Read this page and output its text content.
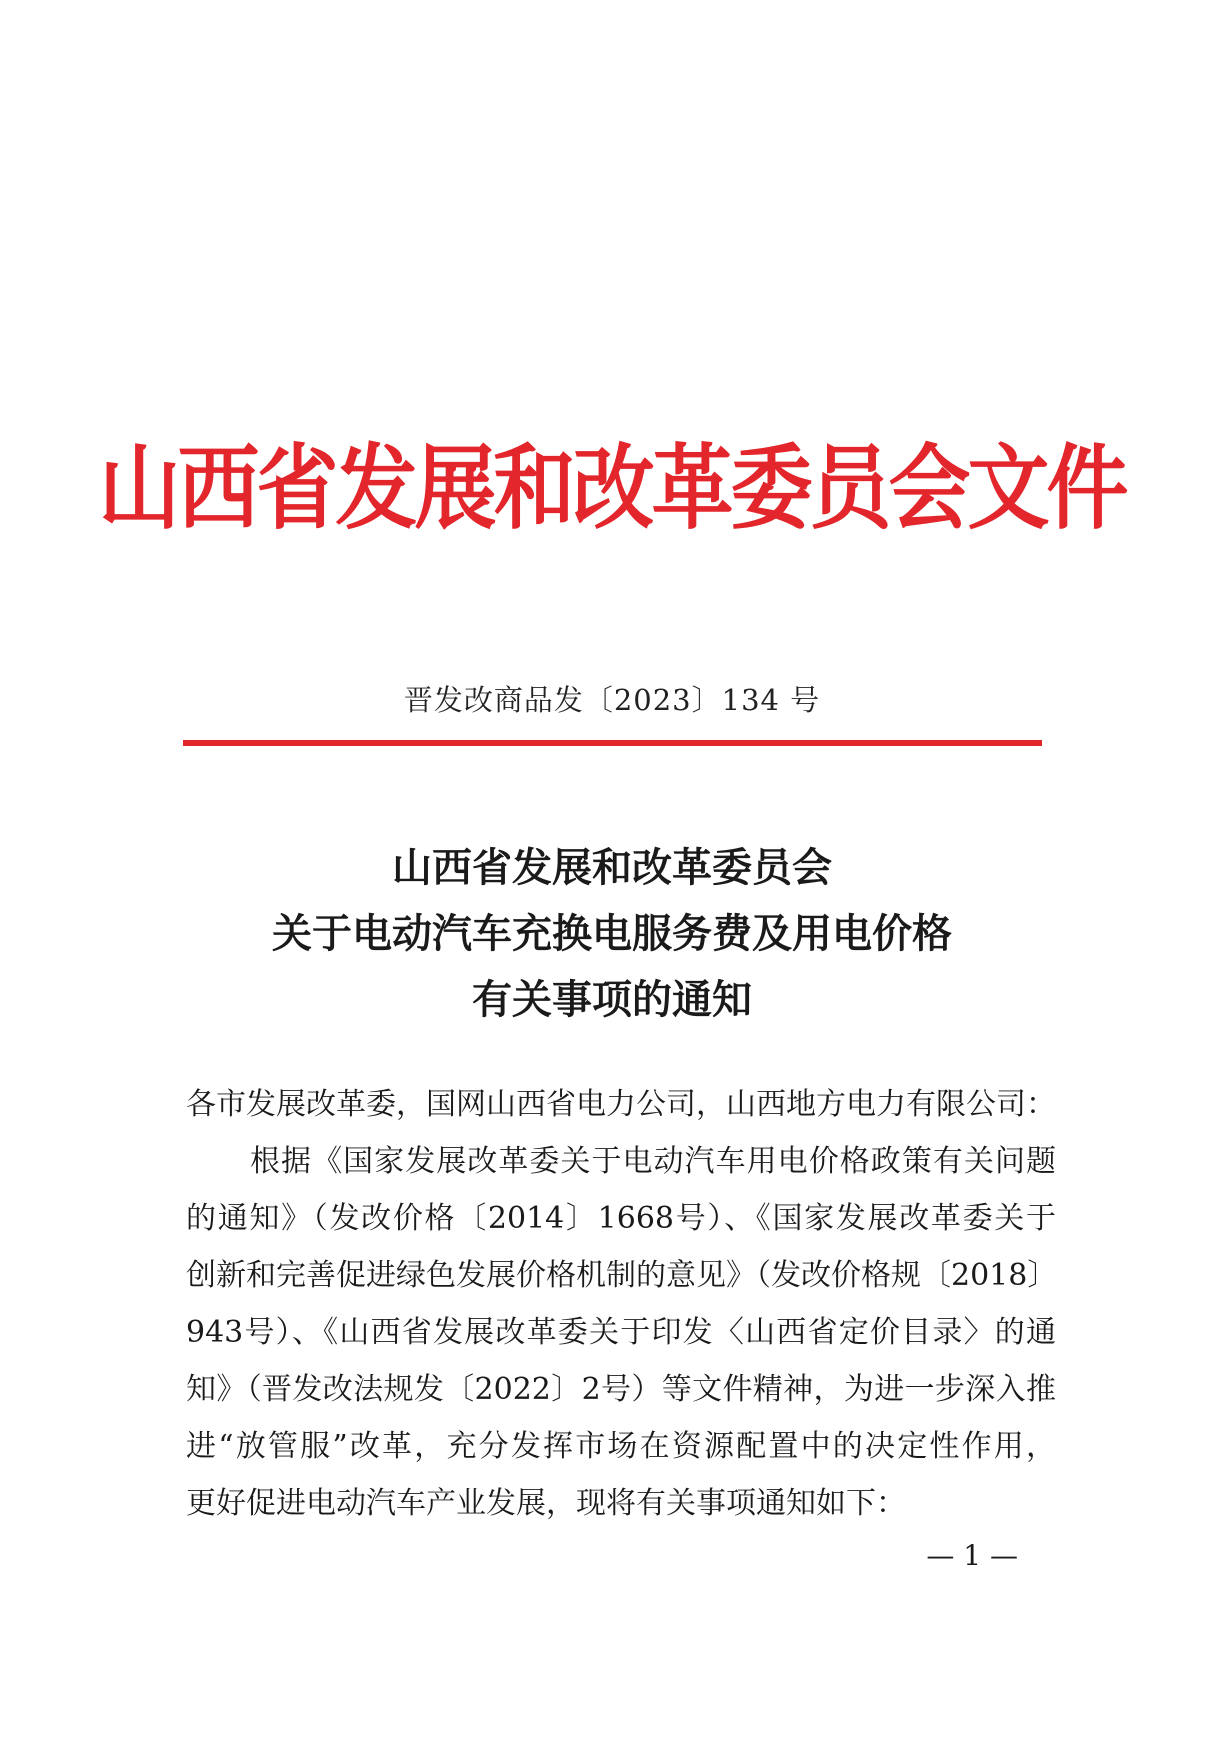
山西省发展和改革委员会文件
晋发改商品发〔2023〕134 号
山西省发展和改革委员会
关于电动汽车充换电服务费及用电价格
有关事项的通知
各市发展改革委，国网山西省电力公司，山西地方电力有限公司：
根据《国家发展改革委关于电动汽车用电价格政策有关问题
的通知》（发改价格〔2014〕1668号）、《国家发展改革委关于
创新和完善促进绿色发展价格机制的意见》（发改价格规〔2018〕
943号）、《山西省发展改革委关于印发〈山西省定价目录〉的通
知》（晋发改法规发〔2022〕2号）等文件精神，为进一步深入推
进“放管服”改革，充分发挥市场在资源配置中的决定性作用，
更好促进电动汽车产业发展，现将有关事项通知如下：
— 1 —
